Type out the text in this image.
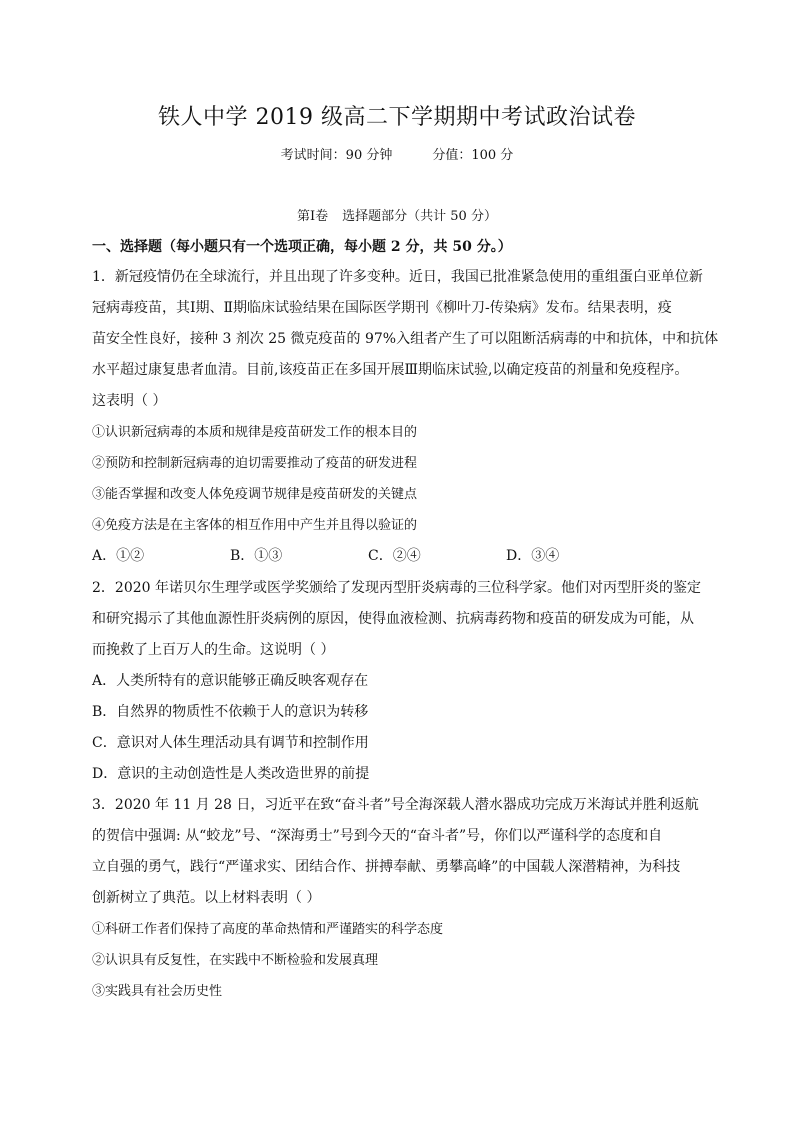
铁人中学 2019 级高二下学期期中考试政治试卷
考试时间：90 分钟	分值：100 分
第Ⅰ卷 选择题部分（共计 50 分）
一、选择题（每小题只有一个选项正确，每小题 2 分，共 50 分。）

1．新冠疫情仍在全球流行，并且出现了许多变种。近日，我国已批准紧急使用的重组蛋白亚单位新

冠病毒疫苗，其Ⅰ期、Ⅱ期临床试验结果在国际医学期刊《柳叶刀-传染病》发布。结果表明，疫

苗安全性良好，接种 3 剂次 25 微克疫苗的 97%入组者产生了可以阻断活病毒的中和抗体，中和抗体

水平超过康复患者血清。目前,该疫苗正在多国开展Ⅲ期临床试验,以确定疫苗的剂量和免疫程序。

这表明（ ）

①认识新冠病毒的本质和规律是疫苗研发工作的根本目的

②预防和控制新冠病毒的迫切需要推动了疫苗的研发进程

③能否掌握和改变人体免疫调节规律是疫苗研发的关键点

④免疫方法是在主客体的相互作用中产生并且得以验证的

A．①②	B．①③	C．②④	D．③④

2．2020 年诺贝尔生理学或医学奖颁给了发现丙型肝炎病毒的三位科学家。他们对丙型肝炎的鉴定

和研究揭示了其他血源性肝炎病例的原因，使得血液检测、抗病毒药物和疫苗的研发成为可能，从

而挽救了上百万人的生命。这说明（ ）

A．人类所特有的意识能够正确反映客观存在

B．自然界的物质性不依赖于人的意识为转移

C．意识对人体生理活动具有调节和控制作用

D．意识的主动创造性是人类改造世界的前提

3．2020 年 11 月 28 日，习近平在致“奋斗者”号全海深载人潜水器成功完成万米海试并胜利返航

的贺信中强调: 从“蛟龙”号、“深海勇士”号到今天的“奋斗者”号，你们以严谨科学的态度和自

立自强的勇气，践行“严谨求实、团结合作、拼搏奉献、勇攀高峰”的中国载人深潜精神，为科技

创新树立了典范。以上材料表明（ ）

①科研工作者们保持了高度的革命热情和严谨踏实的科学态度

②认识具有反复性，在实践中不断检验和发展真理

③实践具有社会历史性
